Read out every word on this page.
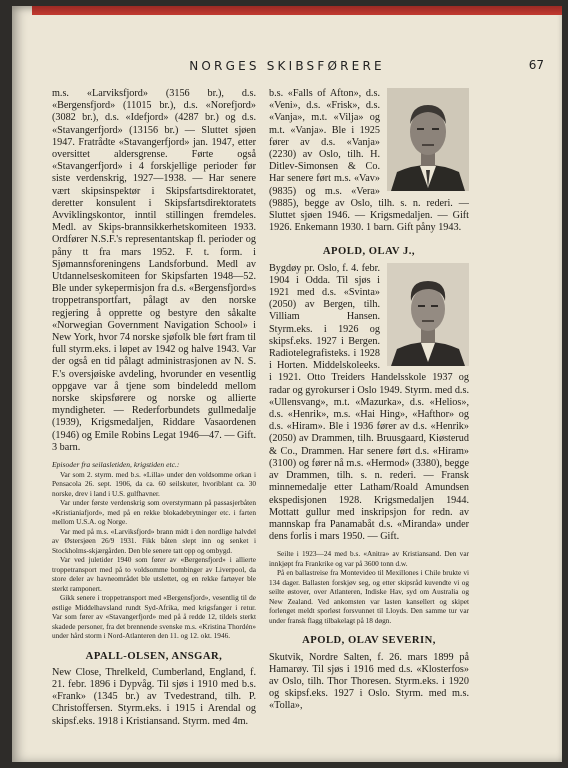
NORGES SKIBSFØRERE	67

m.s. «Larviksfjord» (3156 br.), d.s. «Bergensfjord» (11015 br.), d.s. «Norefjord» (3082 br.), d.s. «Idefjord» (4287 br.) og d.s. «Stavangerfjord» (13156 br.) — Sluttet sjøen 1947. Fratrådte «Stavangerfjord» jan. 1947, etter oversittet aldersgrense. Førte også «Stavangerfjord» i 4 forskjellige perioder før siste verdenskrig, 1927—1938. — Har senere vært skipsinspektør i Skipsfartsdirektoratet, deretter konsulent i Skipsfartsdirektoratets Avviklingskontor, inntil stillingen fremdeles. Medl. av Skips-brannsikkerhetskomiteen 1933. Ordfører N.S.F.'s representantskap fl. perioder og påny tt fra mars 1952. F. t. form. i Sjømannsforeningens Landsforbund. Medl av Utdannelseskomiteen for Skipsfarten 1948—52. Ble under sykepermisjon fra d.s. «Bergensfjord»s troppetransportfart, pålagt av den norske regjering å opprette og bestyre den såkalte «Norwegian Government Navigation School» i New York, hvor 74 norske sjøfolk ble ført fram til full styrm.eks. i løpet av 1942 og halve 1943. Var der også en tid pålagt administrasjonen av N. S. F.'s oversjøiske avdeling, hvorunder en vesentlig oppgave var å tjene som bindeledd mellom norske skipsførere og norske og allierte myndigheter. — Rederforbundets gullmedalje (1939), Krigsmedaljen, Riddare Vasaordenen (1946) og Emile Robins Legat 1946—47. — Gift. 3 barn.

Episoder fra seilasletiden, krigstiden etc.:

Var som 2. styrm. med b.s. «Lilla» under den voldsomme orkan i Pensacola 26. sept. 1906, da ca. 60 seilskuter, hvoriblant ca. 30 norske, drev i land i U.S. gulfhavner.

Var under første verdenskrig som overstyrmann på passasjerbåten «Kristianiafjord», med på en rekke blokadebrytninger etc. i farten mellom U.S.A. og Norge.

Var med på m.s. «Larviksfjord» brann midt i den nordlige halvdel av Østersjøen 26/9 1931. Fikk båten slept inn og senket i Stockholms-skjærgården. Den ble senere tatt opp og ombygd.

Var ved juletider 1940 som fører av «Bergensfjord» i allierte troppetransport med på to voldsomme bombinger av Liverpool, da store deler av havneområdet ble utslettet, og en rekke fartøyer ble sterkt ramponert.

Gikk senere i troppetransport med «Bergensfjord», vesentlig til de østlige Middelhavsland rundt Syd-Afrika, med krigsfanger i retur. Var som fører av «Stavangerfjord» med på å redde 12, tildels sterkt skadede personer, fra det brennende svenske m.s. «Kristina Thordén» under hård storm i Nord-Atlanteren den 11. og 12. okt. 1946.

APALL-OLSEN, ANSGAR,

New Close, Threlkeld, Cumberland, England, f. 21. febr. 1896 i Dypvåg. Til sjøs i 1910 med b.s. «Frank» (1345 br.) av Tvedestrand, tilh. P. Christoffersen. Styrm.eks. i 1915 i Arendal og skipsf.eks. 1918 i Kristiansand. Styrm. med 4m.

b.s. «Falls of Afton», d.s. «Veni», d.s. «Frisk», d.s. «Vanja», m.t. «Vilja» og m.t. «Vanja». Ble i 1925 fører av d.s. «Vanja» (2230) av Oslo, tilh. H. Ditlev-Simonsen & Co. Har senere ført m.s. «Vav» (9835) og m.s. «Vera» (9885), begge av Oslo, tilh. s. n. rederi. — Sluttet sjøen 1946. — Krigsmedaljen. — Gift 1926. Enkemann 1930. 1 barn. Gift påny 1943.

APOLD, OLAV J.,

Bygdøy pr. Oslo, f. 4. febr. 1904 i Odda. Til sjøs i 1921 med d.s. «Svinta» (2050) av Bergen, tilh. Villiam Hansen. Styrm.eks. i 1926 og skipsf.eks. 1927 i Bergen. Radiotelegrafisteks. i 1928 i Horten. Middelskoleeks. i 1921. Otto Treiders Handelsskole 1937 og radar og gyrokurser i Oslo 1949. Styrm. med d.s. «Ullensvang», m.t. «Mazurka», d.s. «Helios», d.s. «Henrik», m.s. «Hai Hing», «Hafthor» og d.s. «Hiram». Ble i 1936 fører av d.s. «Henrik» (2050) av Drammen, tilh. Bruusgaard, Kiøsterud & Co., Drammen. Har senere ført d.s. «Hiram» (3100) og fører nå m.s. «Hermod» (3380), begge av Drammen, tilh. s. n. rederi. — Fransk minnemedalje etter Latham/Roald Amundsen ekspedisjonen 1928. Krigsmedaljen 1944. Mottatt gullur med inskripsjon for redn. av mannskap fra Panamabåt d.s. «Miranda» under dens forlis i mars 1950. — Gift.

Seilte i 1923—24 med b.s. «Anitra» av Kristiansand. Den var innkjøpt fra Frankrike og var på 3600 tonn d.w.

På en ballastreise fra Montevideo til Mexillones i Chile brukte vi 134 dager. Ballasten forskjøv seg, og etter skipsråd kuvendte vi og seilte østover, over Atlanteren, Indiske Hav, syd om Australia og New Zealand. Ved ankomsten var lasten kansellert og skipet forlenget meldt sporløst forsvunnet til Lloyds. Den samme tur var under fransk flagg tilbakelagt på 18 døgn.

APOLD, OLAV SEVERIN,

Skutvik, Nordre Salten, f. 26. mars 1899 på Hamarøy. Til sjøs i 1916 med d.s. «Klosterfos» av Oslo, tilh. Thor Thoresen. Styrm.eks. i 1920 og skipsf.eks. 1927 i Oslo. Styrm. med m.s. «Tolla»,
